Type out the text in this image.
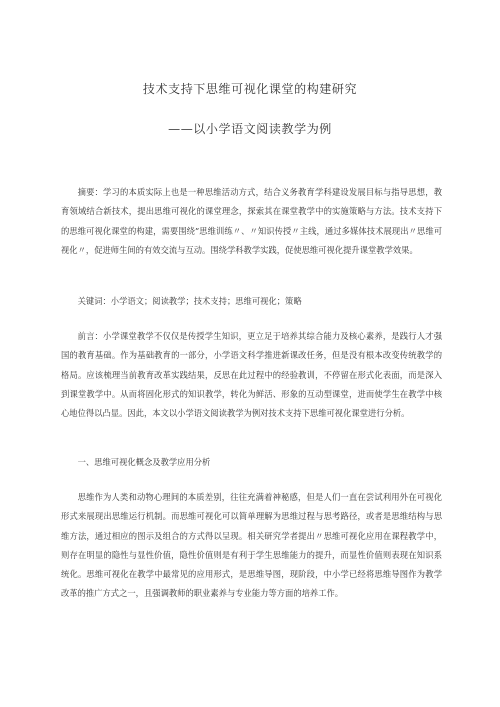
技术支持下思维可视化课堂的构建研究
——以小学语文阅读教学为例

摘要：学习的本质实际上也是一种思维活动方式，结合义务教育学科建设发展目标与指导思想，教育领域结合新技术，提出思维可视化的课堂理念，探索其在课堂教学中的实施策略与方法。技术支持下的思维可视化课堂的构建，需要围绕”思维训练〃、〃知识传授〃主线，通过多媒体技术展现出〃思维可视化〃，促进师生间的有效交流与互动。围绕学科教学实践，促使思维可视化提升课堂教学效果。

关键词：小学语文；阅读教学；技术支持；思维可视化；策略

前言：小学课堂教学不仅仅是传授学生知识，更立足于培养其综合能力及核心素养，是践行人才强国的教育基础。作为基础教育的一部分，小学语文科学推进新课改任务，但是没有根本改变传统教学的格局。应该梳理当前教育改革实践结果，反思在此过程中的经验教训，不停留在形式化表面，而是深入到课堂教学中。从而将固化形式的知识教学，转化为鲜活、形象的互动型课堂，进而使学生在教学中核心地位得以凸显。因此，本文以小学语文阅读教学为例对技术支持下思维可视化课堂进行分析。

一、思维可视化概念及教学应用分析

思维作为人类和动物心理间的本质差别，往往充满着神秘感，但是人们一直在尝试利用外在可视化形式来展现出思维运行机制。而思维可视化可以简单理解为思维过程与思考路径，或者是思维结构与思维方法，通过相应的图示及组合的方式得以呈现。相关研究学者提出〃思维可视化应用在课程教学中，则存在明显的隐性与显性价值，隐性价值则是有利于学生思维能力的提升，而显性价值则表现在知识系统化。思维可视化在教学中最常见的应用形式，是思维导图，现阶段，中小学已经将思维导图作为教学改革的推广方式之一，且强调教师的职业素养与专业能力等方面的培养工作。
